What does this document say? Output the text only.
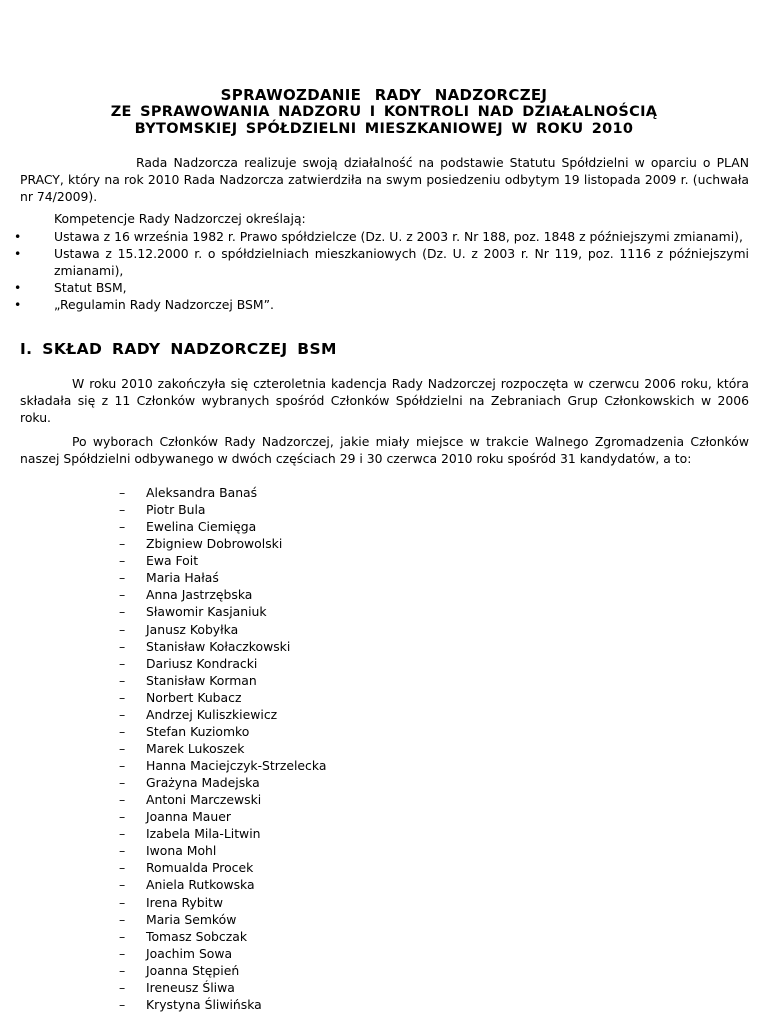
SPRAWOZDANIE RADY NADZORCZEJ
ZE SPRAWOWANIA NADZORU I KONTROLI NAD DZIAŁALNOŚCIĄ
BYTOMSKIEJ SPÓŁDZIELNI MIESZKANIOWEJ W ROKU 2010
Rada Nadzorcza realizuje swoją działalność na podstawie Statutu Spółdzielni w oparciu o PLAN PRACY, który na rok 2010 Rada Nadzorcza zatwierdziła na swym posiedzeniu odbytym 19 listopada 2009 r. (uchwała nr 74/2009).
Kompetencje Rady Nadzorczej określają:
•	Ustawa z 16 września 1982 r. Prawo spółdzielcze (Dz. U. z 2003 r. Nr 188, poz. 1848 z późniejszymi zmianami),
•	Ustawa z 15.12.2000 r. o spółdzielniach mieszkaniowych (Dz. U. z 2003 r. Nr 119, poz. 1116 z późniejszymi zmianami),
•	Statut BSM,
•	„Regulamin Rady Nadzorczej BSM”.
I. SKŁAD RADY NADZORCZEJ BSM
W roku 2010 zakończyła się czteroletnia kadencja Rady Nadzorczej rozpoczęta w czerwcu 2006 roku, która składała się z 11 Członków wybranych spośród Członków Spółdzielni na Zebraniach Grup Członkowskich w 2006 roku.
Po wyborach Członków Rady Nadzorczej, jakie miały miejsce w trakcie Walnego Zgromadzenia Członków naszej Spółdzielni odbywanego w dwóch częściach 29 i 30 czerwca 2010 roku spośród 31 kandydatów, a to:
– Aleksandra Banaś
– Piotr Bula
– Ewelina Ciemięga
– Zbigniew Dobrowolski
– Ewa Foit
– Maria Hałaś
– Anna Jastrzębska
– Sławomir Kasjaniuk
– Janusz Kobyłka
– Stanisław Kołaczkowski
– Dariusz Kondracki
– Stanisław Korman
– Norbert Kubacz
– Andrzej Kuliszkiewicz
– Stefan Kuziomko
– Marek Lukoszek
– Hanna Maciejczyk-Strzelecka
– Grażyna Madejska
– Antoni Marczewski
– Joanna Mauer
– Izabela Mila-Litwin
– Iwona Mohl
– Romualda Procek
– Aniela Rutkowska
– Irena Rybitw
– Maria Semków
– Tomasz Sobczak
– Joachim Sowa
– Joanna Stępień
– Ireneusz Śliwa
– Krystyna Śliwińska
